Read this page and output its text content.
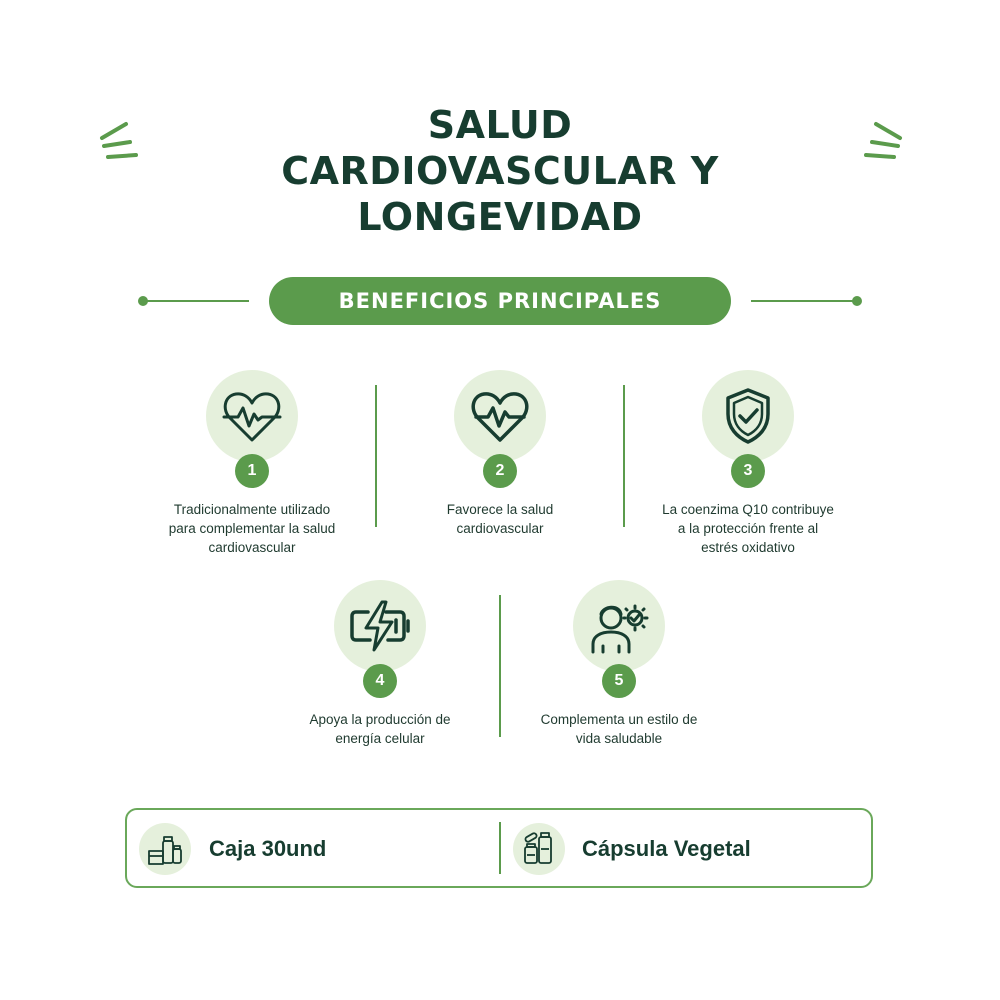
SALUD
CARDIOVASCULAR Y
LONGEVIDAD
BENEFICIOS PRINCIPALES
1
Tradicionalmente utilizado
para complementar la salud
cardiovascular
2
Favorece la salud
cardiovascular
3
La coenzima Q10 contribuye
a la protección frente al
estrés oxidativo
4
Apoya la producción de
energía celular
5
Complementa un estilo de
vida saludable
Caja 30und	Cápsula Vegetal
